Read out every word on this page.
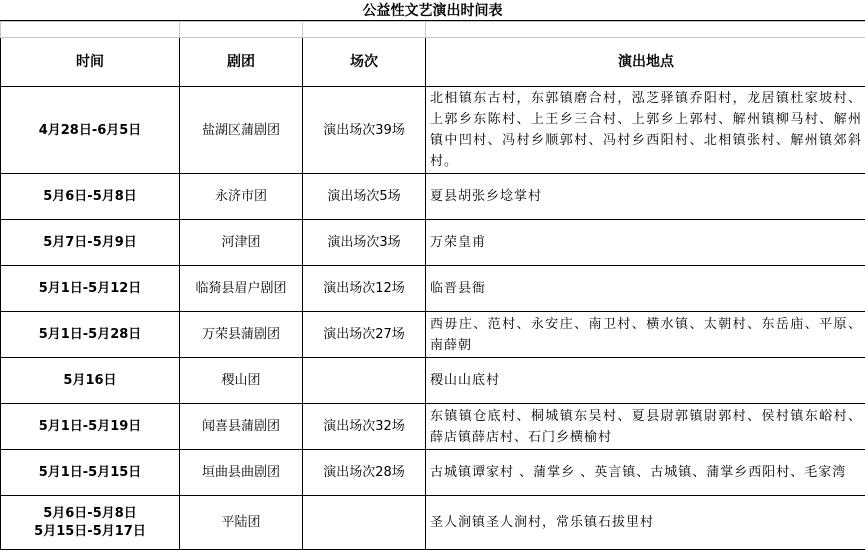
公益性文艺演出时间表

时间	剧团	场次	演出地点

4月28日-6月5日	盐湖区蒲剧团	演出场次39场	北相镇东古村，东郭镇磨合村，泓芝驿镇乔阳村，龙居镇杜家坡村、上郭乡东陈村、上王乡三合村、上郭乡上郭村、解州镇柳马村、解州镇中凹村、冯村乡顺郭村、冯村乡西阳村、北相镇张村、解州镇郊斜村。

5月6日-5月8日	永济市团	演出场次5场	夏县胡张乡埝掌村

5月7日-5月9日	河津团	演出场次3场	万荣皇甫

5月1日-5月12日	临猗县眉户剧团	演出场次12场	临晋县衙

5月1日-5月28日	万荣县蒲剧团	演出场次27场	西毋庄、范村、永安庄、南卫村、横水镇、太朝村、东岳庙、平原、南薛朝

5月16日	稷山团		稷山山底村

5月1日-5月19日	闻喜县蒲剧团	演出场次32场	东镇镇仓底村、桐城镇东吴村、夏县尉郭镇尉郭村、侯村镇东峪村、薛店镇薛店村、石门乡横榆村

5月1日-5月15日	垣曲县曲剧团	演出场次28场	古城镇谭家村 、蒲掌乡 、英言镇、古城镇、蒲掌乡西阳村、毛家湾

5月6日-5月8日
5月15日-5月17日	平陆团		圣人涧镇圣人涧村，常乐镇石拔里村
